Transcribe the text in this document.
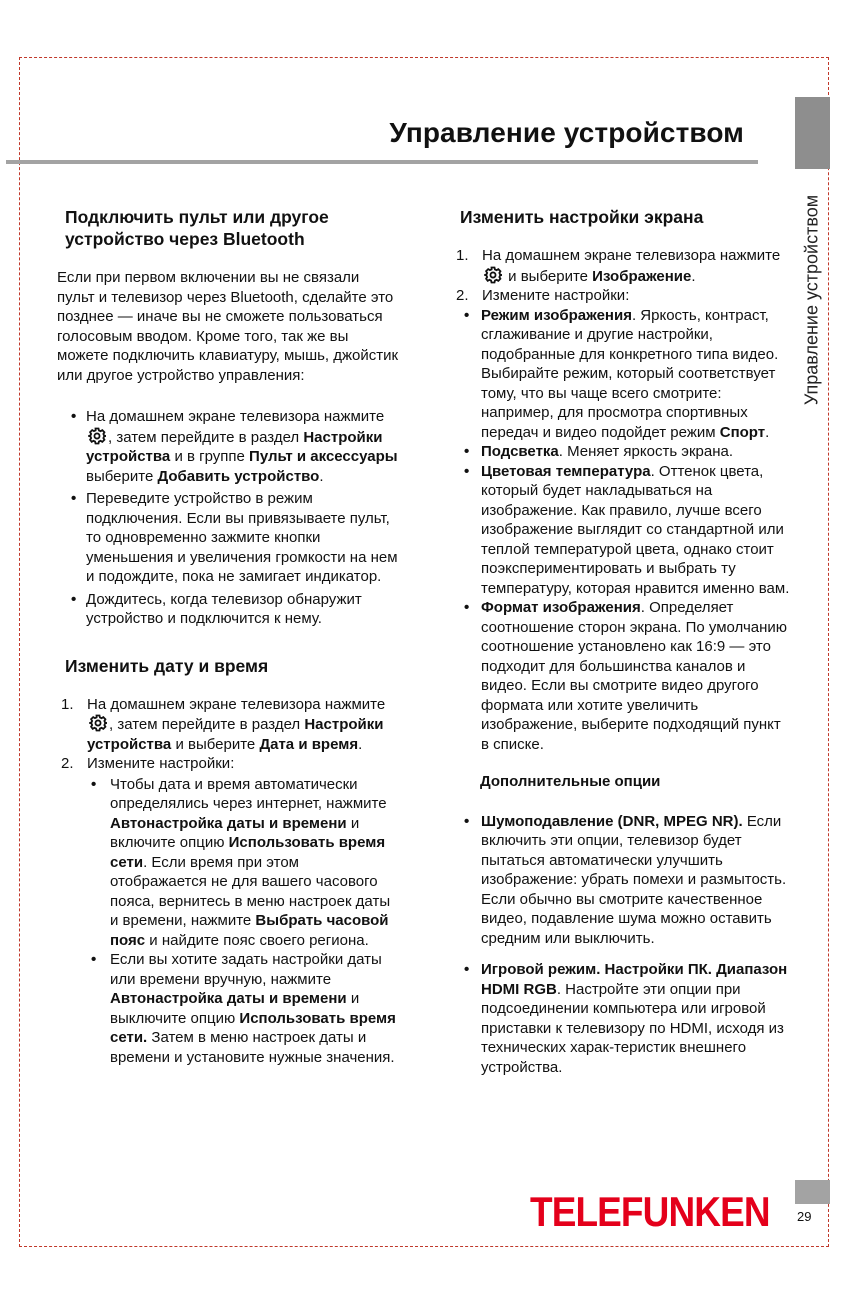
Управление устройством
Управление устройством
Подключить пульт или другое устройство через Bluetooth

Если при первом включении вы не связали пульт и телевизор через Bluetooth, сделайте это позднее — иначе вы не сможете пользоваться голосовым вводом. Кроме того, так же вы можете подключить клавиатуру, мышь, джойстик или другое устройство управления:

• На домашнем экране телевизора нажмите , затем перейдите в раздел Настройки устройства и в группе Пульт и аксессуары выберите Добавить устройство.
• Переведите устройство в режим подключения. Если вы привязываете пульт, то одновременно зажмите кнопки уменьшения и увеличения громкости на нем и подождите, пока не замигает индикатор.
• Дождитесь, когда телевизор обнаружит устройство и подключится к нему.
Изменить дату и время
1. На домашнем экране телевизора нажмите , затем перейдите в раздел Настройки устройства и выберите Дата и время.
2. Измените настройки:
• Чтобы дата и время автоматически определялись через интернет, нажмите Автонастройка даты и времени и включите опцию Использовать время сети. Если время при этом отображается не для вашего часового пояса, вернитесь в меню настроек даты и времени, нажмите Выбрать часовой пояс и найдите пояс своего региона.
• Если вы хотите задать настройки даты или времени вручную, нажмите Автонастройка даты и времени и выключите опцию Использовать время сети. Затем в меню настроек даты и времени и установите нужные значения.
Изменить настройки экрана
1. На домашнем экране телевизора нажмите  и выберите Изображение.
2. Измените настройки:
• Режим изображения. Яркость, контраст, сглаживание и другие настройки, подобранные для конкретного типа видео. Выбирайте режим, который соответствует тому, что вы чаще всего смотрите: например, для просмотра спортивных передач и видео подойдет режим Спорт.
• Подсветка. Меняет яркость экрана.
• Цветовая температура. Оттенок цвета, который будет накладываться на изображение. Как правило, лучше всего изображение выглядит со стандартной или теплой температурой цвета, однако стоит поэкспериментировать и выбрать ту температуру, которая нравится именно вам.
• Формат изображения. Определяет соотношение сторон экрана. По умолчанию соотношение установлено как 16:9 — это подходит для большинства каналов и видео. Если вы смотрите видео другого формата или хотите увеличить изображение, выберите подходящий пункт в списке.
Дополнительные опции
• Шумоподавление (DNR, MPEG NR). Если включить эти опции, телевизор будет пытаться автоматически улучшить изображение: убрать помехи и размытость. Если обычно вы смотрите качественное видео, подавление шума можно оставить средним или выключить.
• Игровой режим. Настройки ПК. Диапазон HDMI RGB. Настройте эти опции при подсоединении компьютера или игровой приставки к телевизору по HDMI, исходя из технических харак-теристик внешнего устройства.
TELEFUNKEN 29
